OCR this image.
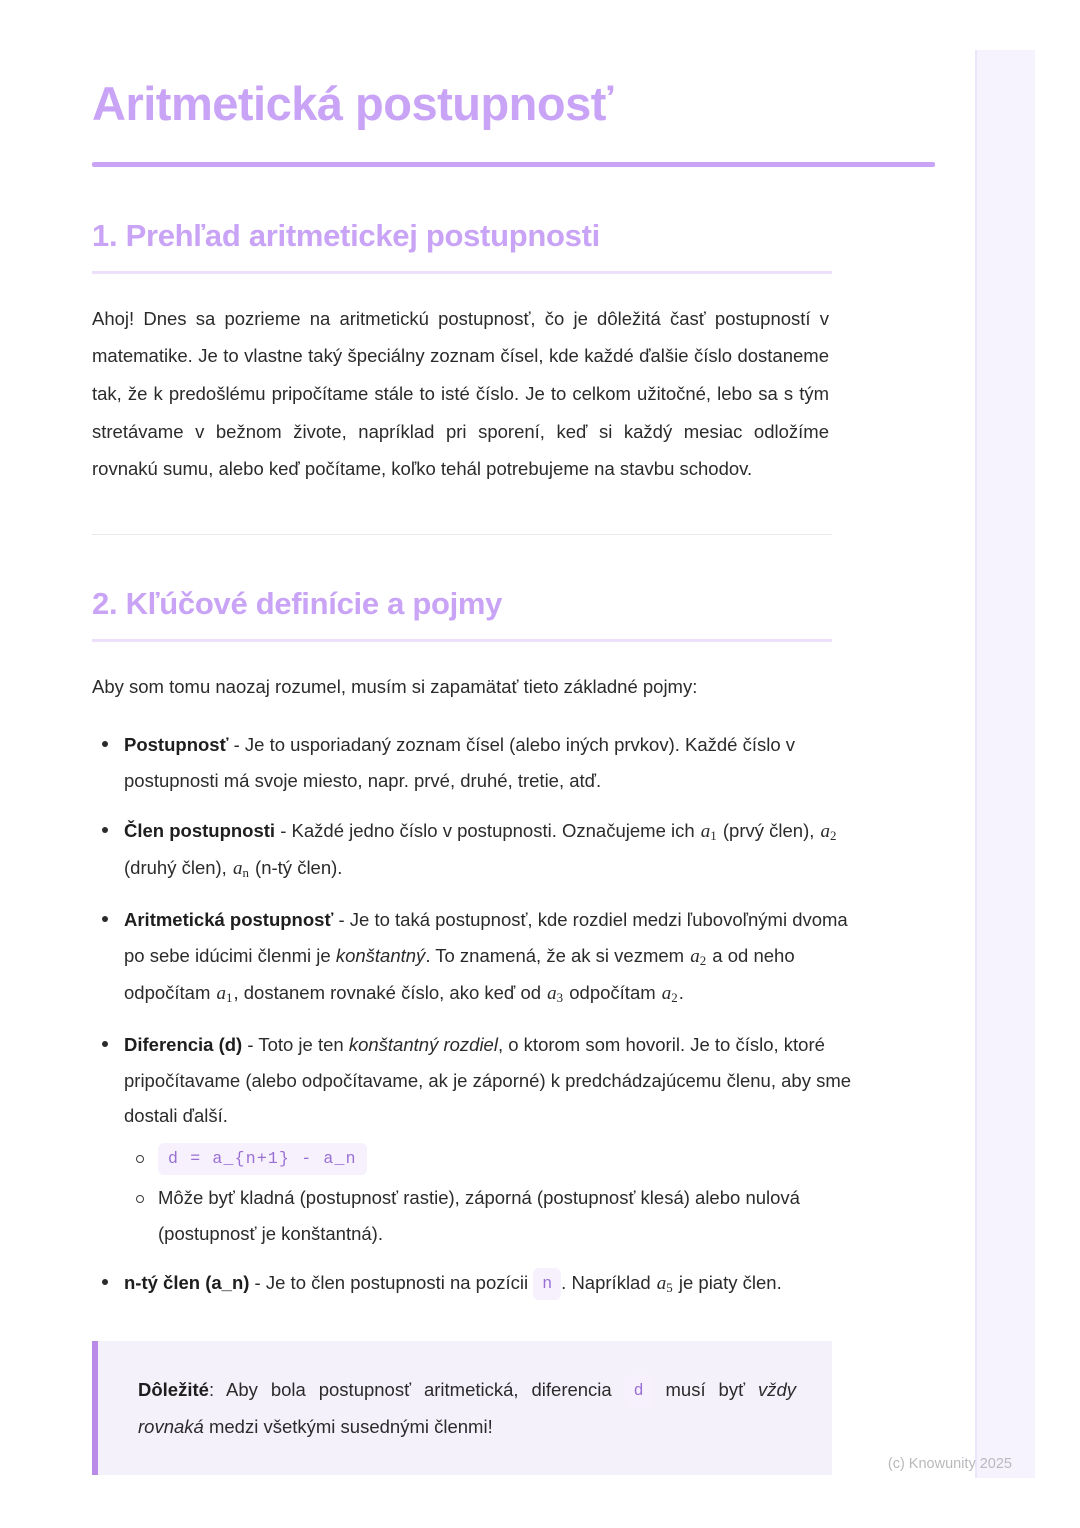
Aritmetická postupnosť
1. Prehľad aritmetickej postupnosti

Ahoj! Dnes sa pozrieme na aritmetickú postupnosť, čo je dôležitá časť postupností v matematike. Je to vlastne taký špeciálny zoznam čísel, kde každé ďalšie číslo dostaneme tak, že k predošlému pripočítame stále to isté číslo. Je to celkom užitočné, lebo sa s tým stretávame v bežnom živote, napríklad pri sporení, keď si každý mesiac odložíme rovnakú sumu, alebo keď počítame, koľko tehál potrebujeme na stavbu schodov.

2. Kľúčové definície a pojmy

Aby som tomu naozaj rozumel, musím si zapamätať tieto základné pojmy:

Postupnosť - Je to usporiadaný zoznam čísel (alebo iných prvkov). Každé číslo v postupnosti má svoje miesto, napr. prvé, druhé, tretie, atď.
Člen postupnosti - Každé jedno číslo v postupnosti. Označujeme ich $a_1$ (prvý člen), $a_2$ (druhý člen), $a_n$ (n-tý člen).
Aritmetická postupnosť - Je to taká postupnosť, kde rozdiel medzi ľubovoľnými dvoma po sebe idúcimi členmi je konštantný. To znamená, že ak si vezmem $a_2$ a od neho odpočítam $a_1$, dostanem rovnaké číslo, ako keď od $a_3$ odpočítam $a_2$.
Diferencia (d) - Toto je ten konštantný rozdiel, o ktorom som hovoril. Je to číslo, ktoré pripočítavame (alebo odpočítavame, ak je záporné) k predchádzajúcemu členu, aby sme dostali ďalší.
d = a_{n+1} - a_n
Môže byť kladná (postupnosť rastie), záporná (postupnosť klesá) alebo nulová (postupnosť je konštantná).
n-tý člen (a_n) - Je to člen postupnosti na pozícii n . Napríklad $a_5$ je piaty člen.

Dôležité: Aby bola postupnosť aritmetická, diferencia d musí byť vždy rovnaká medzi všetkými susednými členmi!

(c) Knowunity 2025
